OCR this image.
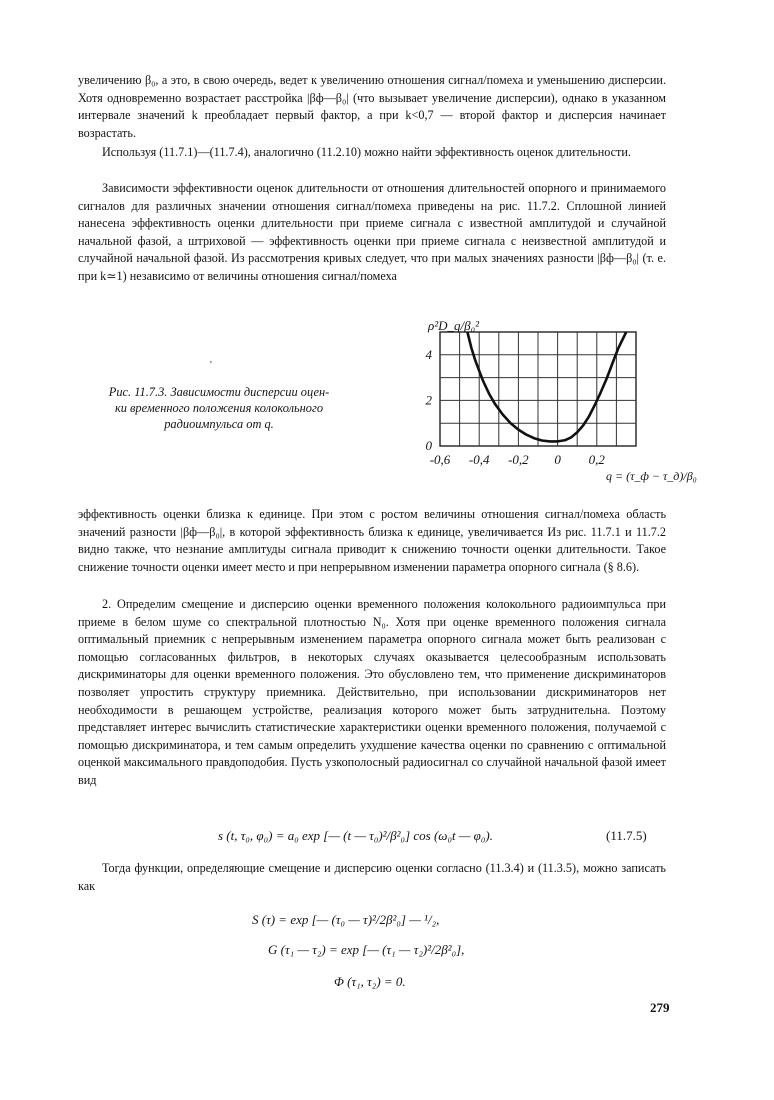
увеличению β₀, а это, в свою очередь, ведет к увеличению отношения сигнал/помеха и уменьшению дисперсии. Хотя одновременно возрастает расстройка |βф—β₀| (что вызывает увеличение дисперсии), однако в указанном интервале значений k преобладает первый фактор, а при k<0,7 — второй фактор и дисперсия начинает возрастать.

Используя (11.7.1)—(11.7.4), аналогично (11.2.10) можно найти эффективность оценок длительности.

Зависимости эффективности оценок длительности от отношения длительностей опорного и принимаемого сигналов для различных значении отношения сигнал/помеха приведены на рис. 11.7.2. Сплошной линией нанесена эффективность оценки длительности при приеме сигнала с известной амплитудой и случайной начальной фазой, а штриховой — эффективность оценки при приеме сигнала с неизвестной амплитудой и случайной начальной фазой. Из рассмотрения кривых следует, что при малых значениях разности |βф—β₀| (т. е. при k≃1) независимо от величины отношения сигнал/помеха

-0,6 -0,4 -0,2 0 0,2
0
2
4
ρ²D_q/β₀²
q = (τ_ф − τ_д)/β₀
Рис. 11.7.3. Зависимости дисперсии оцен-
ки временного положения колокольного
радиоимпульса от q.
'

эффективность оценки близка к единице. При этом с ростом величины отношения сигнал/помеха область значений разности |βф—β₀|, в которой эффективность близка к единице, увеличивается Из рис. 11.7.1 и 11.7.2 видно также, что незнание амплитуды сигнала приводит к снижению точности оценки длительности. Такое снижение точности оценки имеет место и при непрерывном изменении параметра опорного сигнала (§ 8.6).

2. Определим смещение и дисперсию оценки временного положения колокольного радиоимпульса при приеме в белом шуме со спектральной плотностью N₀. Хотя при оценке временного положения сигнала оптимальный приемник с непрерывным изменением параметра опорного сигнала может быть реализован с помощью согласованных фильтров, в некоторых случаях оказывается целесообразным использовать дискриминаторы для оценки временного положения. Это обусловлено тем, что применение дискриминаторов позволяет упростить структуру приемника. Действительно, при использовании дискриминаторов нет необходимости в решающем устройстве, реализация которого может быть затруднительна. Поэтому представляет интерес вычислить статистические характеристики оценки временного положения, получаемой с помощью дискриминатора, и тем самым определить ухудшение качества оценки по сравнению с оптимальной оценкой максимального правдоподобия. Пусть узкополосный радиосигнал со случайной начальной фазой имеет вид

s (t, τ₀, φ₀) = a₀ exp [— (t — τ₀)²/β²₀] cos (ω₀t — φ₀).	(11.7.5)

Тогда функции, определяющие смещение и дисперсию оценки согласно (11.3.4) и (11.3.5), можно записать как

S (τ) = exp [— (τ₀ — τ)²/2β²₀] — ¹/₂,
G (τ₁ — τ₂) = exp [— (τ₁ — τ₂)²/2β²₀],
Φ (τ₁, τ₂) = 0.
279
